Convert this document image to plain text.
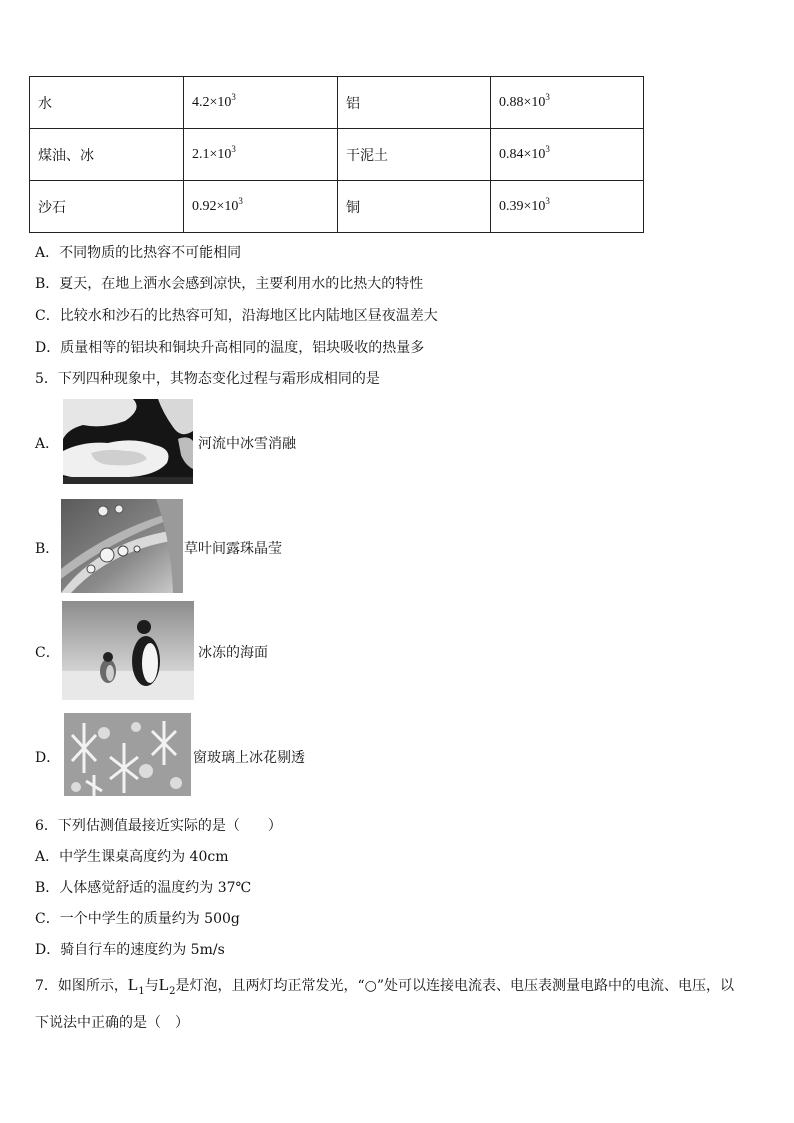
水	$4.2\times 10^3$	铝	$0.88\times 10^3$
煤油、冰	$2.1\times 10^3$	干泥土	$0.84\times 10^3$
沙石	$0.92\times 10^3$	铜	$0.39\times 10^3$
A．不同物质的比热容不可能相同
B．夏天，在地上洒水会感到凉快，主要利用水的比热大的特性
C．比较水和沙石的比热容可知，沿海地区比内陆地区昼夜温差大
D．质量相等的铝块和铜块升高相同的温度，铝块吸收的热量多
5．下列四种现象中，其物态变化过程与霜形成相同的是
A．	河流中冰雪消融
B．	草叶间露珠晶莹
C．	冰冻的海面
D．	窗玻璃上冰花剔透
6．下列估测值最接近实际的是（　　）
A．中学生课桌高度约为 40cm
B．人体感觉舒适的温度约为 37℃
C．一个中学生的质量约为 500g
D．骑自行车的速度约为 5m/s
7．如图所示，$L_1$与$L_2$是灯泡，且两灯均正常发光，“○”处可以连接电流表、电压表测量电路中的电流、电压，以
下说法中正确的是（　）
